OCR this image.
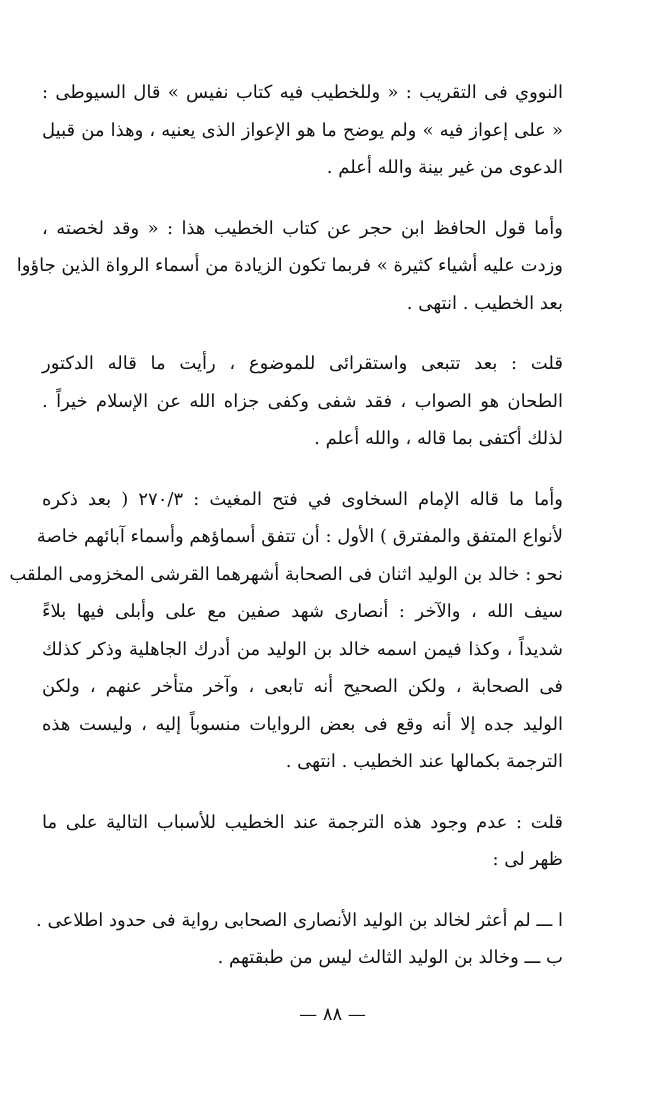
النووي فى التقريب : « وللخطيب فيه كتاب نفيس » قال السيوطى :
« على إعواز فيه » ولم يوضح ما هو الإعواز الذى يعنيه ، وهذا من قبيل
الدعوى من غير بينة والله أعلم .
وأما قول الحافظ ابن حجر عن كتاب الخطيب هذا : « وقد لخصته ،
وزدت عليه أشياء كثيرة » فربما تكون الزيادة من أسماء الرواة الذين جاؤوا
بعد الخطيب . انتهى .
قلت : بعد تتبعى واستقرائى للموضوع ، رأيت ما قاله الدكتور
الطحان هو الصواب ، فقد شفى وكفى جزاه الله عن الإسلام خيراً .
لذلك أكتفى بما قاله ، والله أعلم .
وأما ما قاله الإمام السخاوى في فتح المغيث : ٢٧٠/٣ ( بعد ذكره
لأنواع المتفق والمفترق ) الأول : أن تتفق أسماؤهم وأسماء آبائهم خاصة
نحو : خالد بن الوليد اثنان فى الصحابة أشهرهما القرشى المخزومى الملقب
سيف الله ، والآخر : أنصارى شهد صفين مع على وأبلى فيها بلاءً
شديداً ، وكذا فيمن اسمه خالد بن الوليد من أدرك الجاهلية وذكر كذلك
فى الصحابة ، ولكن الصحيح أنه تابعى ، وآخر متأخر عنهم ، ولكن
الوليد جده إلا أنه وقع فى بعض الروايات منسوباً إليه ، وليست هذه
الترجمة بكمالها عند الخطيب . انتهى .
قلت : عدم وجود هذه الترجمة عند الخطيب للأسباب التالية على ما
ظهر لى :
ا ـــ لم أعثر لخالد بن الوليد الأنصارى الصحابى رواية فى حدود اطلاعى .
ب ـــ وخالد بن الوليد الثالث ليس من طبقتهم .
— ٨٨ —
